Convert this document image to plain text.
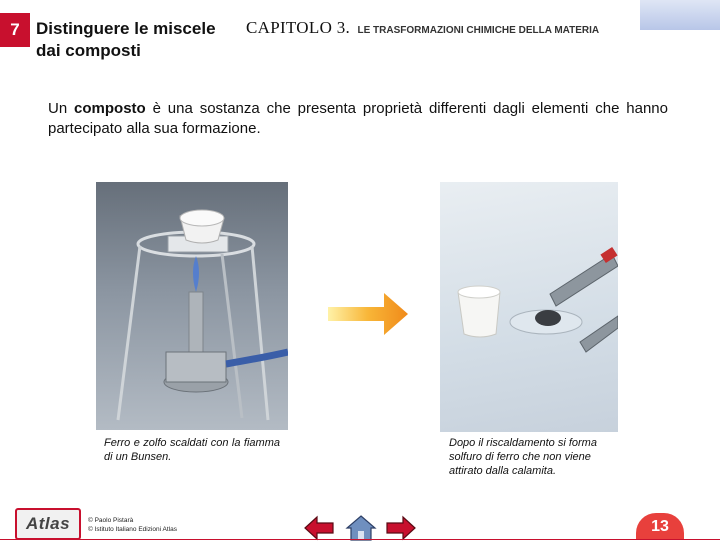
7 Distinguere le miscele dai composti
CAPITOLO 3. LE TRASFORMAZIONI CHIMICHE DELLA MATERIA
Un composto è una sostanza che presenta proprietà differenti dagli elementi che hanno partecipato alla sua formazione.
Ferro e zolfo scaldati con la fiamma di un Bunsen.
Dopo il riscaldamento si forma solfuro di ferro che non viene attirato dalla calamita.
Atlas	© Paolo Pistarà
© Istituto Italiano Edizioni Atlas	13
